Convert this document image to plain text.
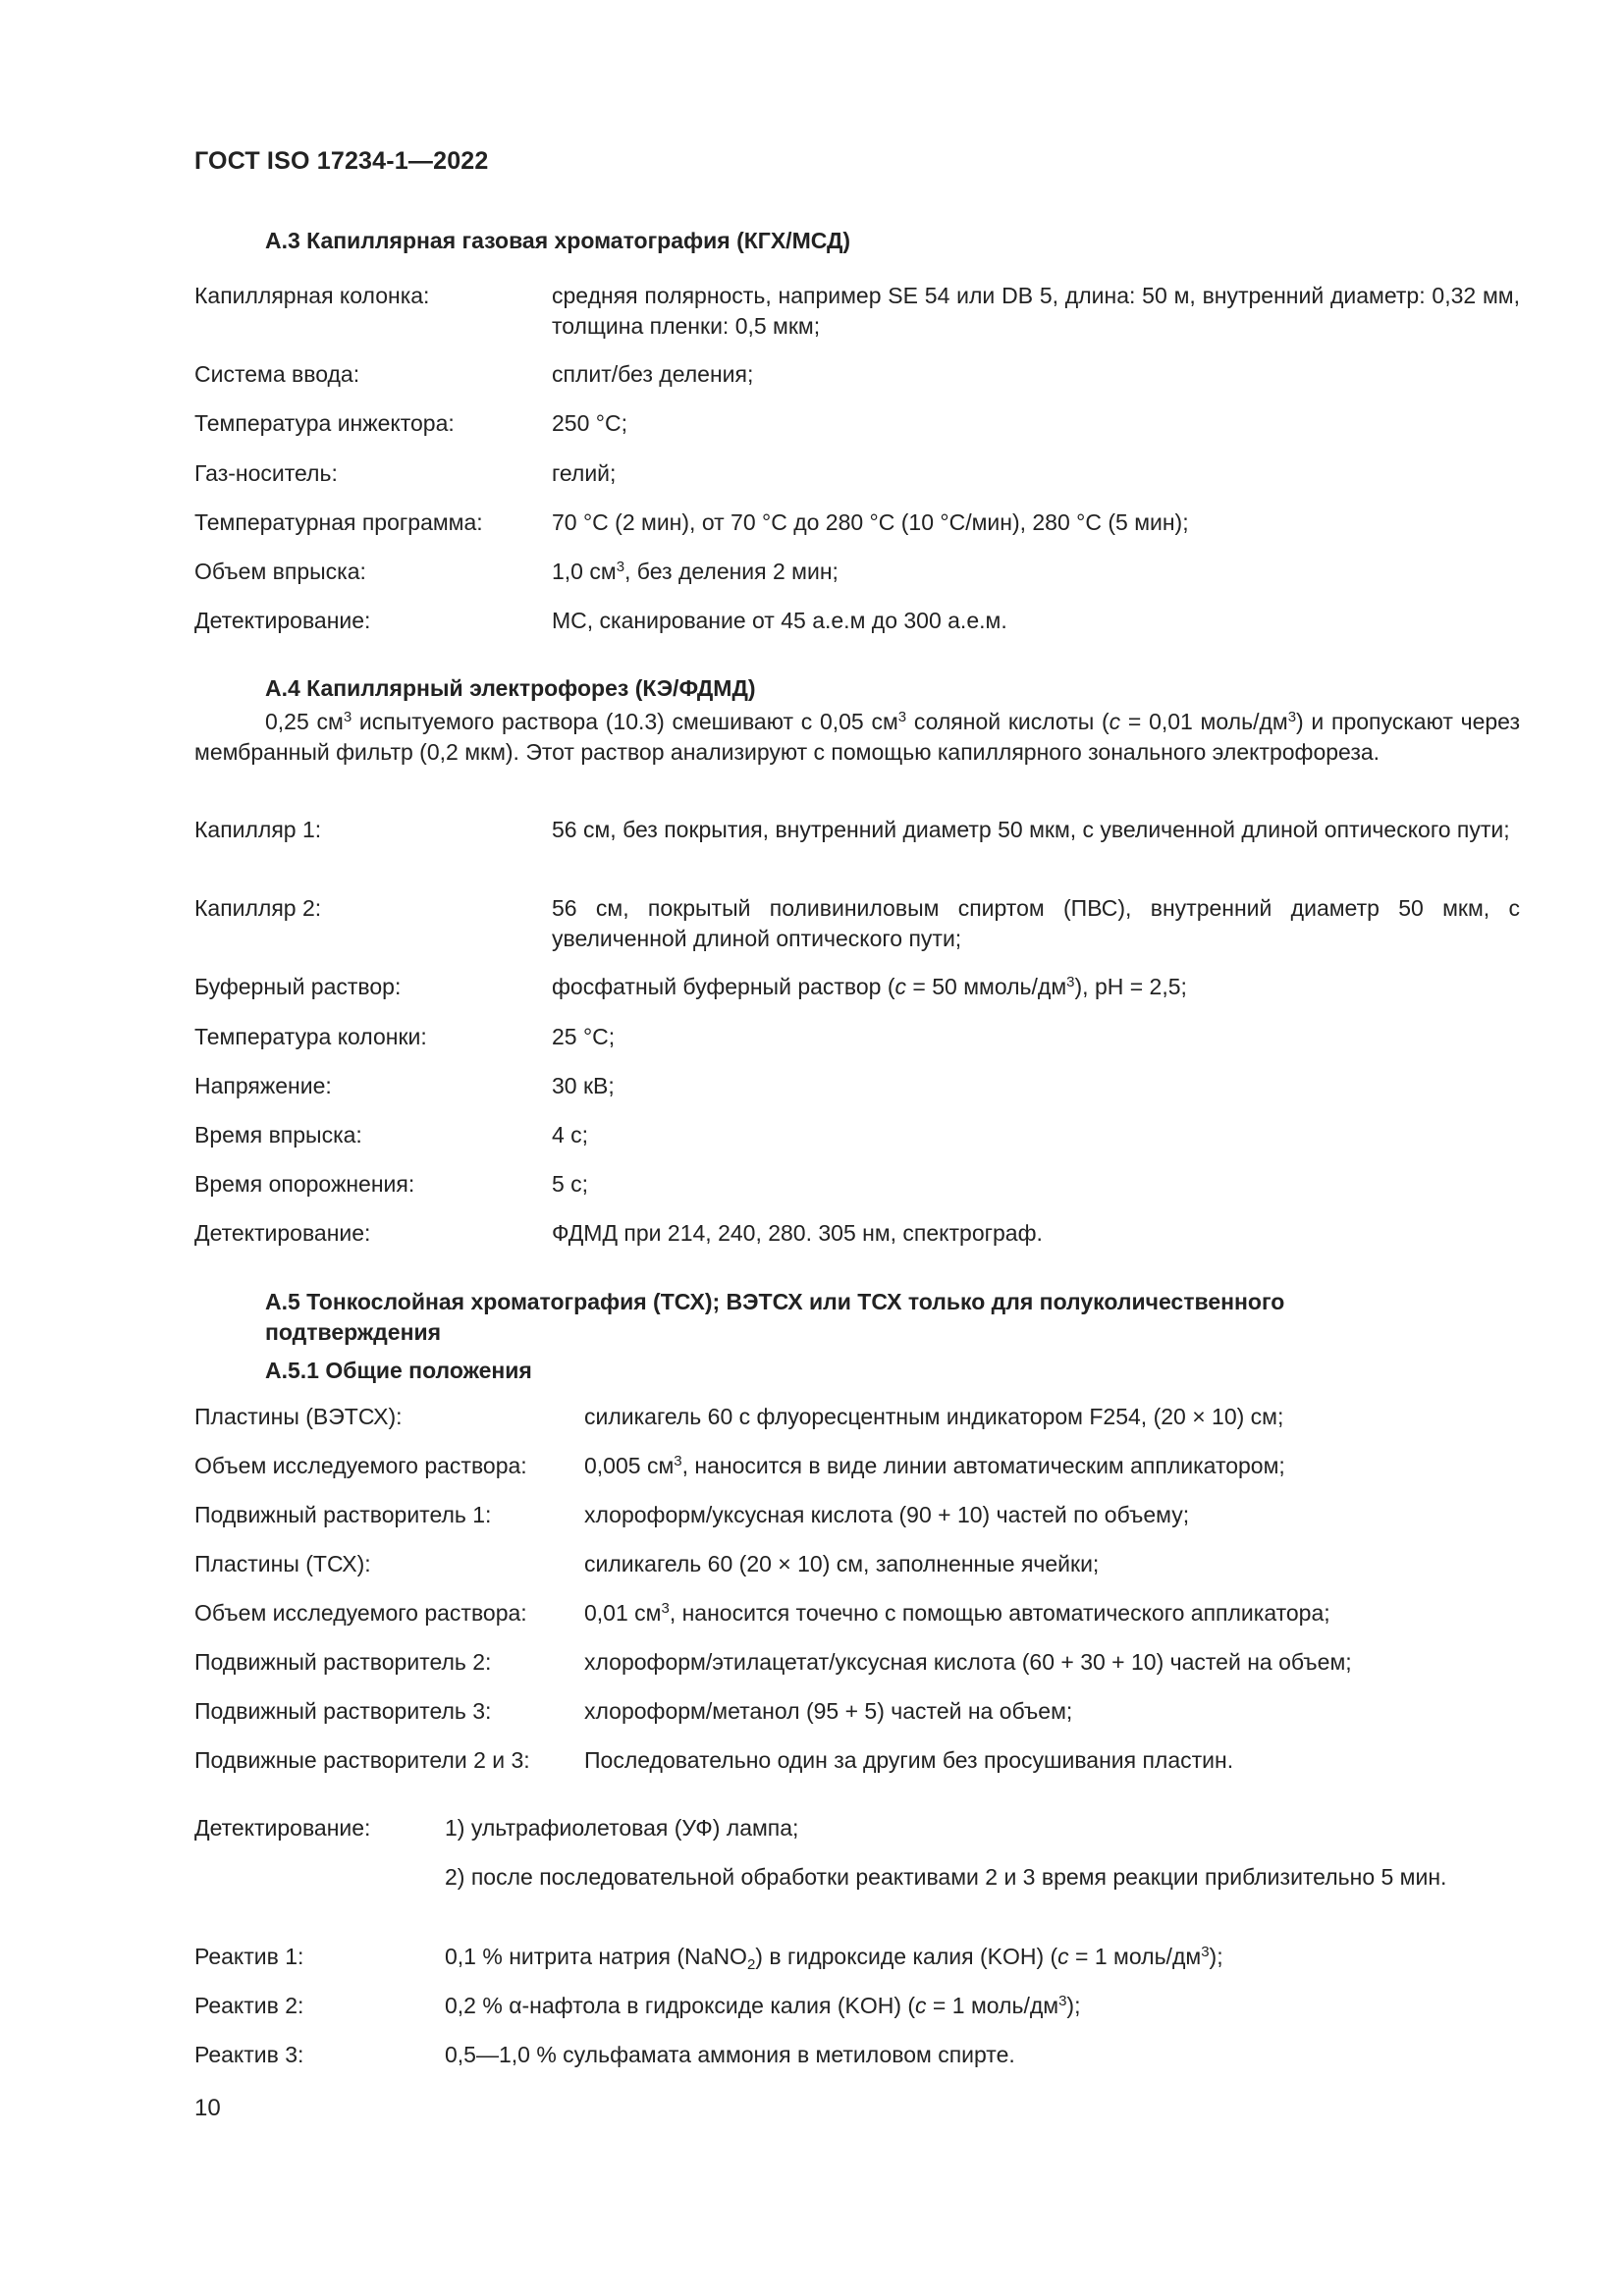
ГОСТ ISO 17234-1—2022
А.3 Капиллярная газовая хроматография (КГХ/МСД)
Капиллярная колонка:	средняя полярность, например SE 54 или DB 5, длина: 50 м, внутренний диаметр: 0,32 мм, толщина пленки: 0,5 мкм;
Система ввода:	сплит/без деления;
Температура инжектора:	250 °С;
Газ-носитель:	гелий;
Температурная программа:	70 °С (2 мин), от 70 °С до 280 °С (10 °С/мин), 280 °С (5 мин);
Объем впрыска:	1,0 $см^3$, без деления 2 мин;
Детектирование:	МС, сканирование от 45 а.е.м до 300 а.е.м.
А.4 Капиллярный электрофорез (КЭ/ФДМД)
0,25 $см^3$ испытуемого раствора (10.3) смешивают с 0,05 $см^3$ соляной кислоты (c = 0,01 моль/$дм^3$) и пропускают через мембранный фильтр (0,2 мкм). Этот раствор анализируют с помощью капиллярного зонального электрофореза.
Капилляр 1:	56 см, без покрытия, внутренний диаметр 50 мкм, с увеличенной длиной оптического пути;
Капилляр 2:	56 см, покрытый поливиниловым спиртом (ПВС), внутренний диаметр 50 мкм, с увеличенной длиной оптического пути;
Буферный раствор:	фосфатный буферный раствор (c = 50 ммоль/$дм^3$), pH = 2,5;
Температура колонки:	25 °С;
Напряжение:	30 кВ;
Время впрыска:	4 с;
Время опорожнения:	5 с;
Детектирование:	ФДМД при 214, 240, 280. 305 нм, спектрограф.
А.5 Тонкослойная хроматография (ТСХ); ВЭТСХ или ТСХ только для полуколичественного подтверждения
А.5.1 Общие положения
Пластины (ВЭТСХ):	силикагель 60 с флуоресцентным индикатором F254, (20 × 10) см;
Объем исследуемого раствора:	0,005 $см^3$, наносится в виде линии автоматическим аппликатором;
Подвижный растворитель 1:	хлороформ/уксусная кислота (90 + 10) частей по объему;
Пластины (ТСХ):	силикагель 60 (20 × 10) см, заполненные ячейки;
Объем исследуемого раствора:	0,01 $см^3$, наносится точечно с помощью автоматического аппликатора;
Подвижный растворитель 2:	хлороформ/этилацетат/уксусная кислота (60 + 30 + 10) частей на объем;
Подвижный растворитель 3:	хлороформ/метанол (95 + 5) частей на объем;
Подвижные растворители 2 и 3: Последовательно один за другим без просушивания пластин.
Детектирование:	1) ультрафиолетовая (УФ) лампа;
2) после последовательной обработки реактивами 2 и 3 время реакции приблизительно 5 мин.
Реактив 1:	0,1 % нитрита натрия (NaNO$_2$) в гидроксиде калия (KOH) (c = 1 моль/$дм^3$);
Реактив 2:	0,2 % α-нафтола в гидроксиде калия (KOH) (c = 1 моль/$дм^3$);
Реактив 3:	0,5—1,0 % сульфамата аммония в метиловом спирте.
10
